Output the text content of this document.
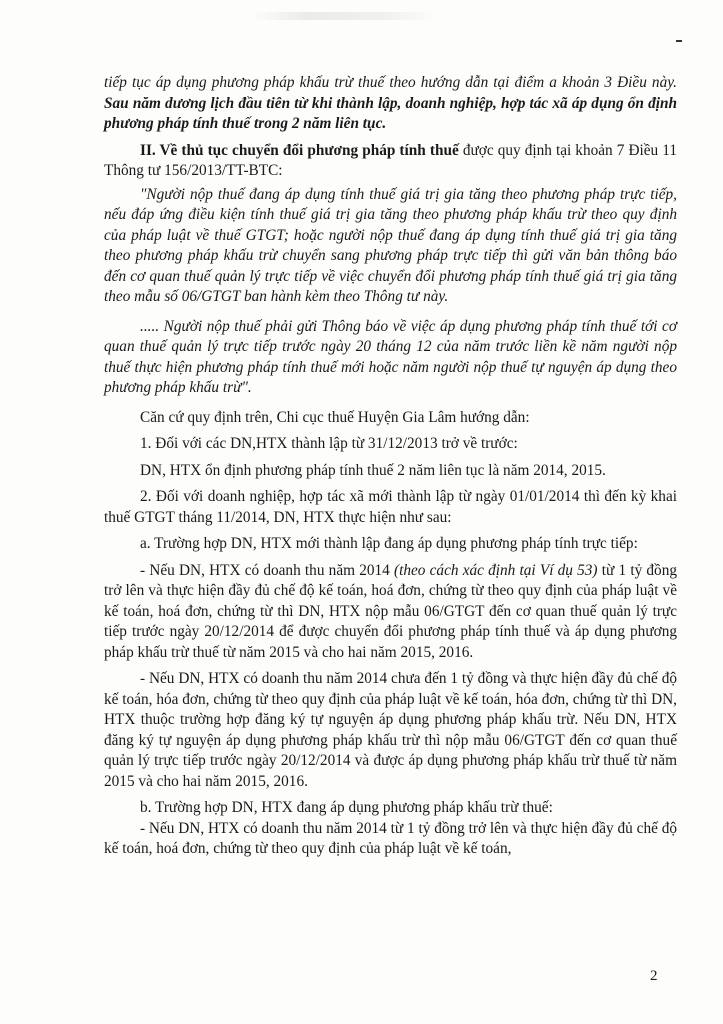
tiếp tục áp dụng phương pháp khấu trừ thuế theo hướng dẫn tại điểm a khoản 3 Điều này. Sau năm dương lịch đầu tiên từ khi thành lập, doanh nghiệp, hợp tác xã áp dụng ổn định phương pháp tính thuế trong 2 năm liên tục.

II. Về thủ tục chuyển đổi phương pháp tính thuế được quy định tại khoản 7 Điều 11 Thông tư 156/2013/TT-BTC:

"Người nộp thuế đang áp dụng tính thuế giá trị gia tăng theo phương pháp trực tiếp, nếu đáp ứng điều kiện tính thuế giá trị gia tăng theo phương pháp khấu trừ theo quy định của pháp luật về thuế GTGT; hoặc người nộp thuế đang áp dụng tính thuế giá trị gia tăng theo phương pháp khấu trừ chuyển sang phương pháp trực tiếp thì gửi văn bản thông báo đến cơ quan thuế quản lý trực tiếp về việc chuyển đổi phương pháp tính thuế giá trị gia tăng theo mẫu số 06/GTGT ban hành kèm theo Thông tư này.

..... Người nộp thuế phải gửi Thông báo về việc áp dụng phương pháp tính thuế tới cơ quan thuế quản lý trực tiếp trước ngày 20 tháng 12 của năm trước liền kề năm người nộp thuế thực hiện phương pháp tính thuế mới hoặc năm người nộp thuế tự nguyện áp dụng theo phương pháp khấu trừ".

Căn cứ quy định trên, Chi cục thuế Huyện Gia Lâm hướng dẫn:

1. Đối với các DN,HTX thành lập từ 31/12/2013 trở về trước:

DN, HTX ổn định phương pháp tính thuế 2 năm liên tục là năm 2014, 2015.

2. Đối với doanh nghiệp, hợp tác xã mới thành lập từ ngày 01/01/2014 thì đến kỳ khai thuế GTGT tháng 11/2014, DN, HTX thực hiện như sau:

a. Trường hợp DN, HTX mới thành lập đang áp dụng phương pháp tính trực tiếp:

- Nếu DN, HTX có doanh thu năm 2014 (theo cách xác định tại Ví dụ 53) từ 1 tỷ đồng trở lên và thực hiện đầy đủ chế độ kế toán, hoá đơn, chứng từ theo quy định của pháp luật về kế toán, hoá đơn, chứng từ thì DN, HTX nộp mẫu 06/GTGT đến cơ quan thuế quản lý trực tiếp trước ngày 20/12/2014 để được chuyển đổi phương pháp tính thuế và áp dụng phương pháp khấu trừ thuế từ năm 2015 và cho hai năm 2015, 2016.

- Nếu DN, HTX có doanh thu năm 2014 chưa đến 1 tỷ đồng và thực hiện đầy đủ chế độ kế toán, hóa đơn, chứng từ theo quy định của pháp luật về kế toán, hóa đơn, chứng từ thì DN, HTX thuộc trường hợp đăng ký tự nguyện áp dụng phương pháp khấu trừ. Nếu DN, HTX đăng ký tự nguyện áp dụng phương pháp khấu trừ thì nộp mẫu 06/GTGT đến cơ quan thuế quản lý trực tiếp trước ngày 20/12/2014 và được áp dụng phương pháp khấu trừ thuế từ năm 2015 và cho hai năm 2015, 2016.

b. Trường hợp DN, HTX đang áp dụng phương pháp khấu trừ thuế:

- Nếu DN, HTX có doanh thu năm 2014 từ 1 tỷ đồng trở lên và thực hiện đầy đủ chế độ kế toán, hoá đơn, chứng từ theo quy định của pháp luật về kế toán,

2
